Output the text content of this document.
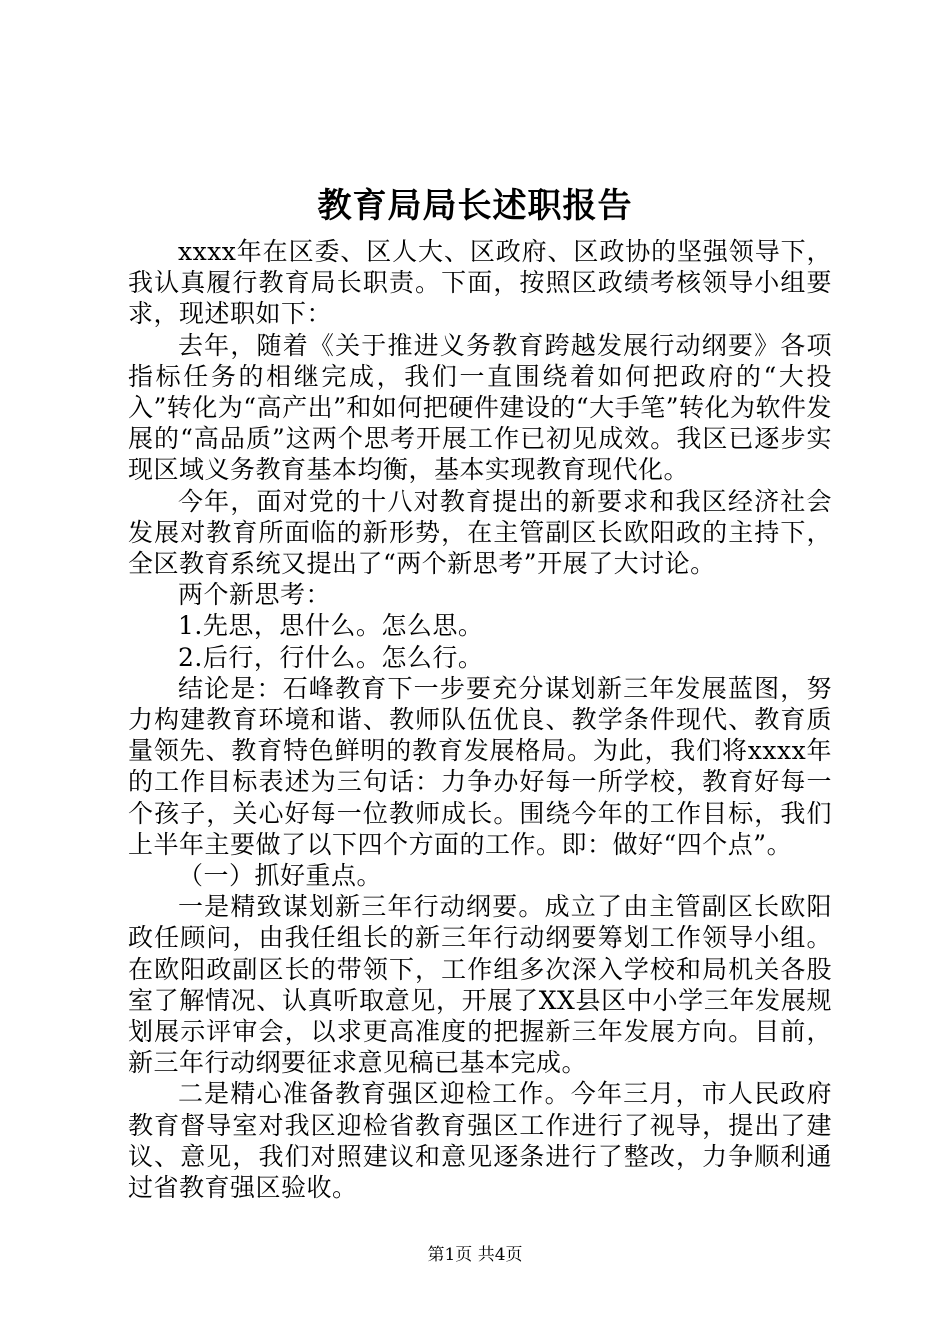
教育局局长述职报告

xxxx年在区委、区人大、区政府、区政协的坚强领导下，我认真履行教育局长职责。下面，按照区政绩考核领导小组要求，现述职如下：

去年，随着《关于推进义务教育跨越发展行动纲要》各项指标任务的相继完成，我们一直围绕着如何把政府的“大投入”转化为“高产出”和如何把硬件建设的“大手笔”转化为软件发展的“高品质”这两个思考开展工作已初见成效。我区已逐步实现区域义务教育基本均衡，基本实现教育现代化。

今年，面对党的十八对教育提出的新要求和我区经济社会发展对教育所面临的新形势，在主管副区长欧阳政的主持下，全区教育系统又提出了“两个新思考”开展了大讨论。

两个新思考：

1.先思，思什么。怎么思。

2.后行，行什么。怎么行。

结论是：石峰教育下一步要充分谋划新三年发展蓝图，努力构建教育环境和谐、教师队伍优良、教学条件现代、教育质量领先、教育特色鲜明的教育发展格局。为此，我们将xxxx年的工作目标表述为三句话：力争办好每一所学校，教育好每一个孩子，关心好每一位教师成长。围绕今年的工作目标，我们上半年主要做了以下四个方面的工作。即：做好“四个点”。

（一）抓好重点。

一是精致谋划新三年行动纲要。成立了由主管副区长欧阳政任顾问，由我任组长的新三年行动纲要筹划工作领导小组。在欧阳政副区长的带领下，工作组多次深入学校和局机关各股室了解情况、认真听取意见，开展了XX县区中小学三年发展规划展示评审会，以求更高准度的把握新三年发展方向。目前，新三年行动纲要征求意见稿已基本完成。

二是精心准备教育强区迎检工作。今年三月，市人民政府教育督导室对我区迎检省教育强区工作进行了视导，提出了建议、意见，我们对照建议和意见逐条进行了整改，力争顺利通过省教育强区验收。

第1页 共4页
